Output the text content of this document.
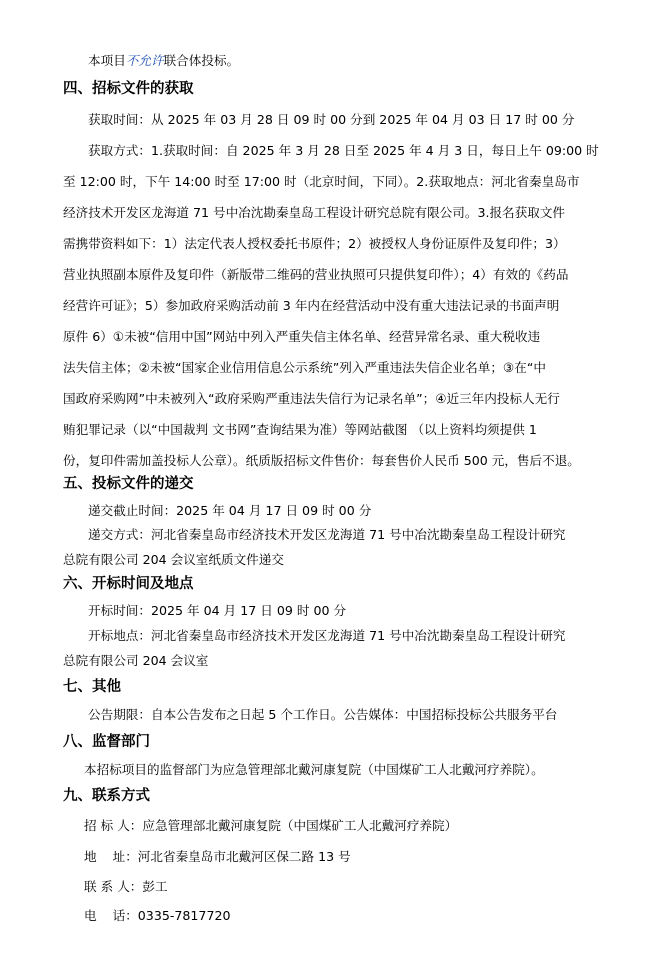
本项目不允许联合体投标。
四、招标文件的获取
获取时间：从 2025 年 03 月 28 日 09 时 00 分到 2025 年 04 月 03 日 17 时 00 分
获取方式：1.获取时间：自 2025 年 3 月 28 日至 2025 年 4 月 3 日，每日上午 09:00 时
至 12:00 时，下午 14:00 时至 17:00 时（北京时间，下同）。2.获取地点：河北省秦皇岛市
经济技术开发区龙海道 71 号中冶沈勘秦皇岛工程设计研究总院有限公司。3.报名获取文件
需携带资料如下：1）法定代表人授权委托书原件；2）被授权人身份证原件及复印件；3）
营业执照副本原件及复印件（新版带二维码的营业执照可只提供复印件）；4）有效的《药品
经营许可证》；5）参加政府采购活动前 3 年内在经营活动中没有重大违法记录的书面声明
原件 6）①未被“信用中国”网站中列入严重失信主体名单、经营异常名录、重大税收违
法失信主体；②未被“国家企业信用信息公示系统”列入严重违法失信企业名单；③在“中
国政府采购网”中未被列入“政府采购严重违法失信行为记录名单”；④近三年内投标人无行
贿犯罪记录（以“中国裁判 文书网”查询结果为准）等网站截图 （以上资料均须提供 1
份，复印件需加盖投标人公章）。纸质版招标文件售价：每套售价人民币 500 元，售后不退。
五、投标文件的递交
递交截止时间：2025 年 04 月 17 日 09 时 00 分
递交方式：河北省秦皇岛市经济技术开发区龙海道 71 号中冶沈勘秦皇岛工程设计研究
总院有限公司 204 会议室纸质文件递交
六、开标时间及地点
开标时间：2025 年 04 月 17 日 09 时 00 分
开标地点：河北省秦皇岛市经济技术开发区龙海道 71 号中冶沈勘秦皇岛工程设计研究
总院有限公司 204 会议室
七、其他
公告期限：自本公告发布之日起 5 个工作日。公告媒体：中国招标投标公共服务平台
八、监督部门
本招标项目的监督部门为应急管理部北戴河康复院（中国煤矿工人北戴河疗养院）。
九、联系方式
招 标 人：应急管理部北戴河康复院（中国煤矿工人北戴河疗养院）
地    址：河北省秦皇岛市北戴河区保二路 13 号
联 系 人：彭工
电    话：0335-7817720
